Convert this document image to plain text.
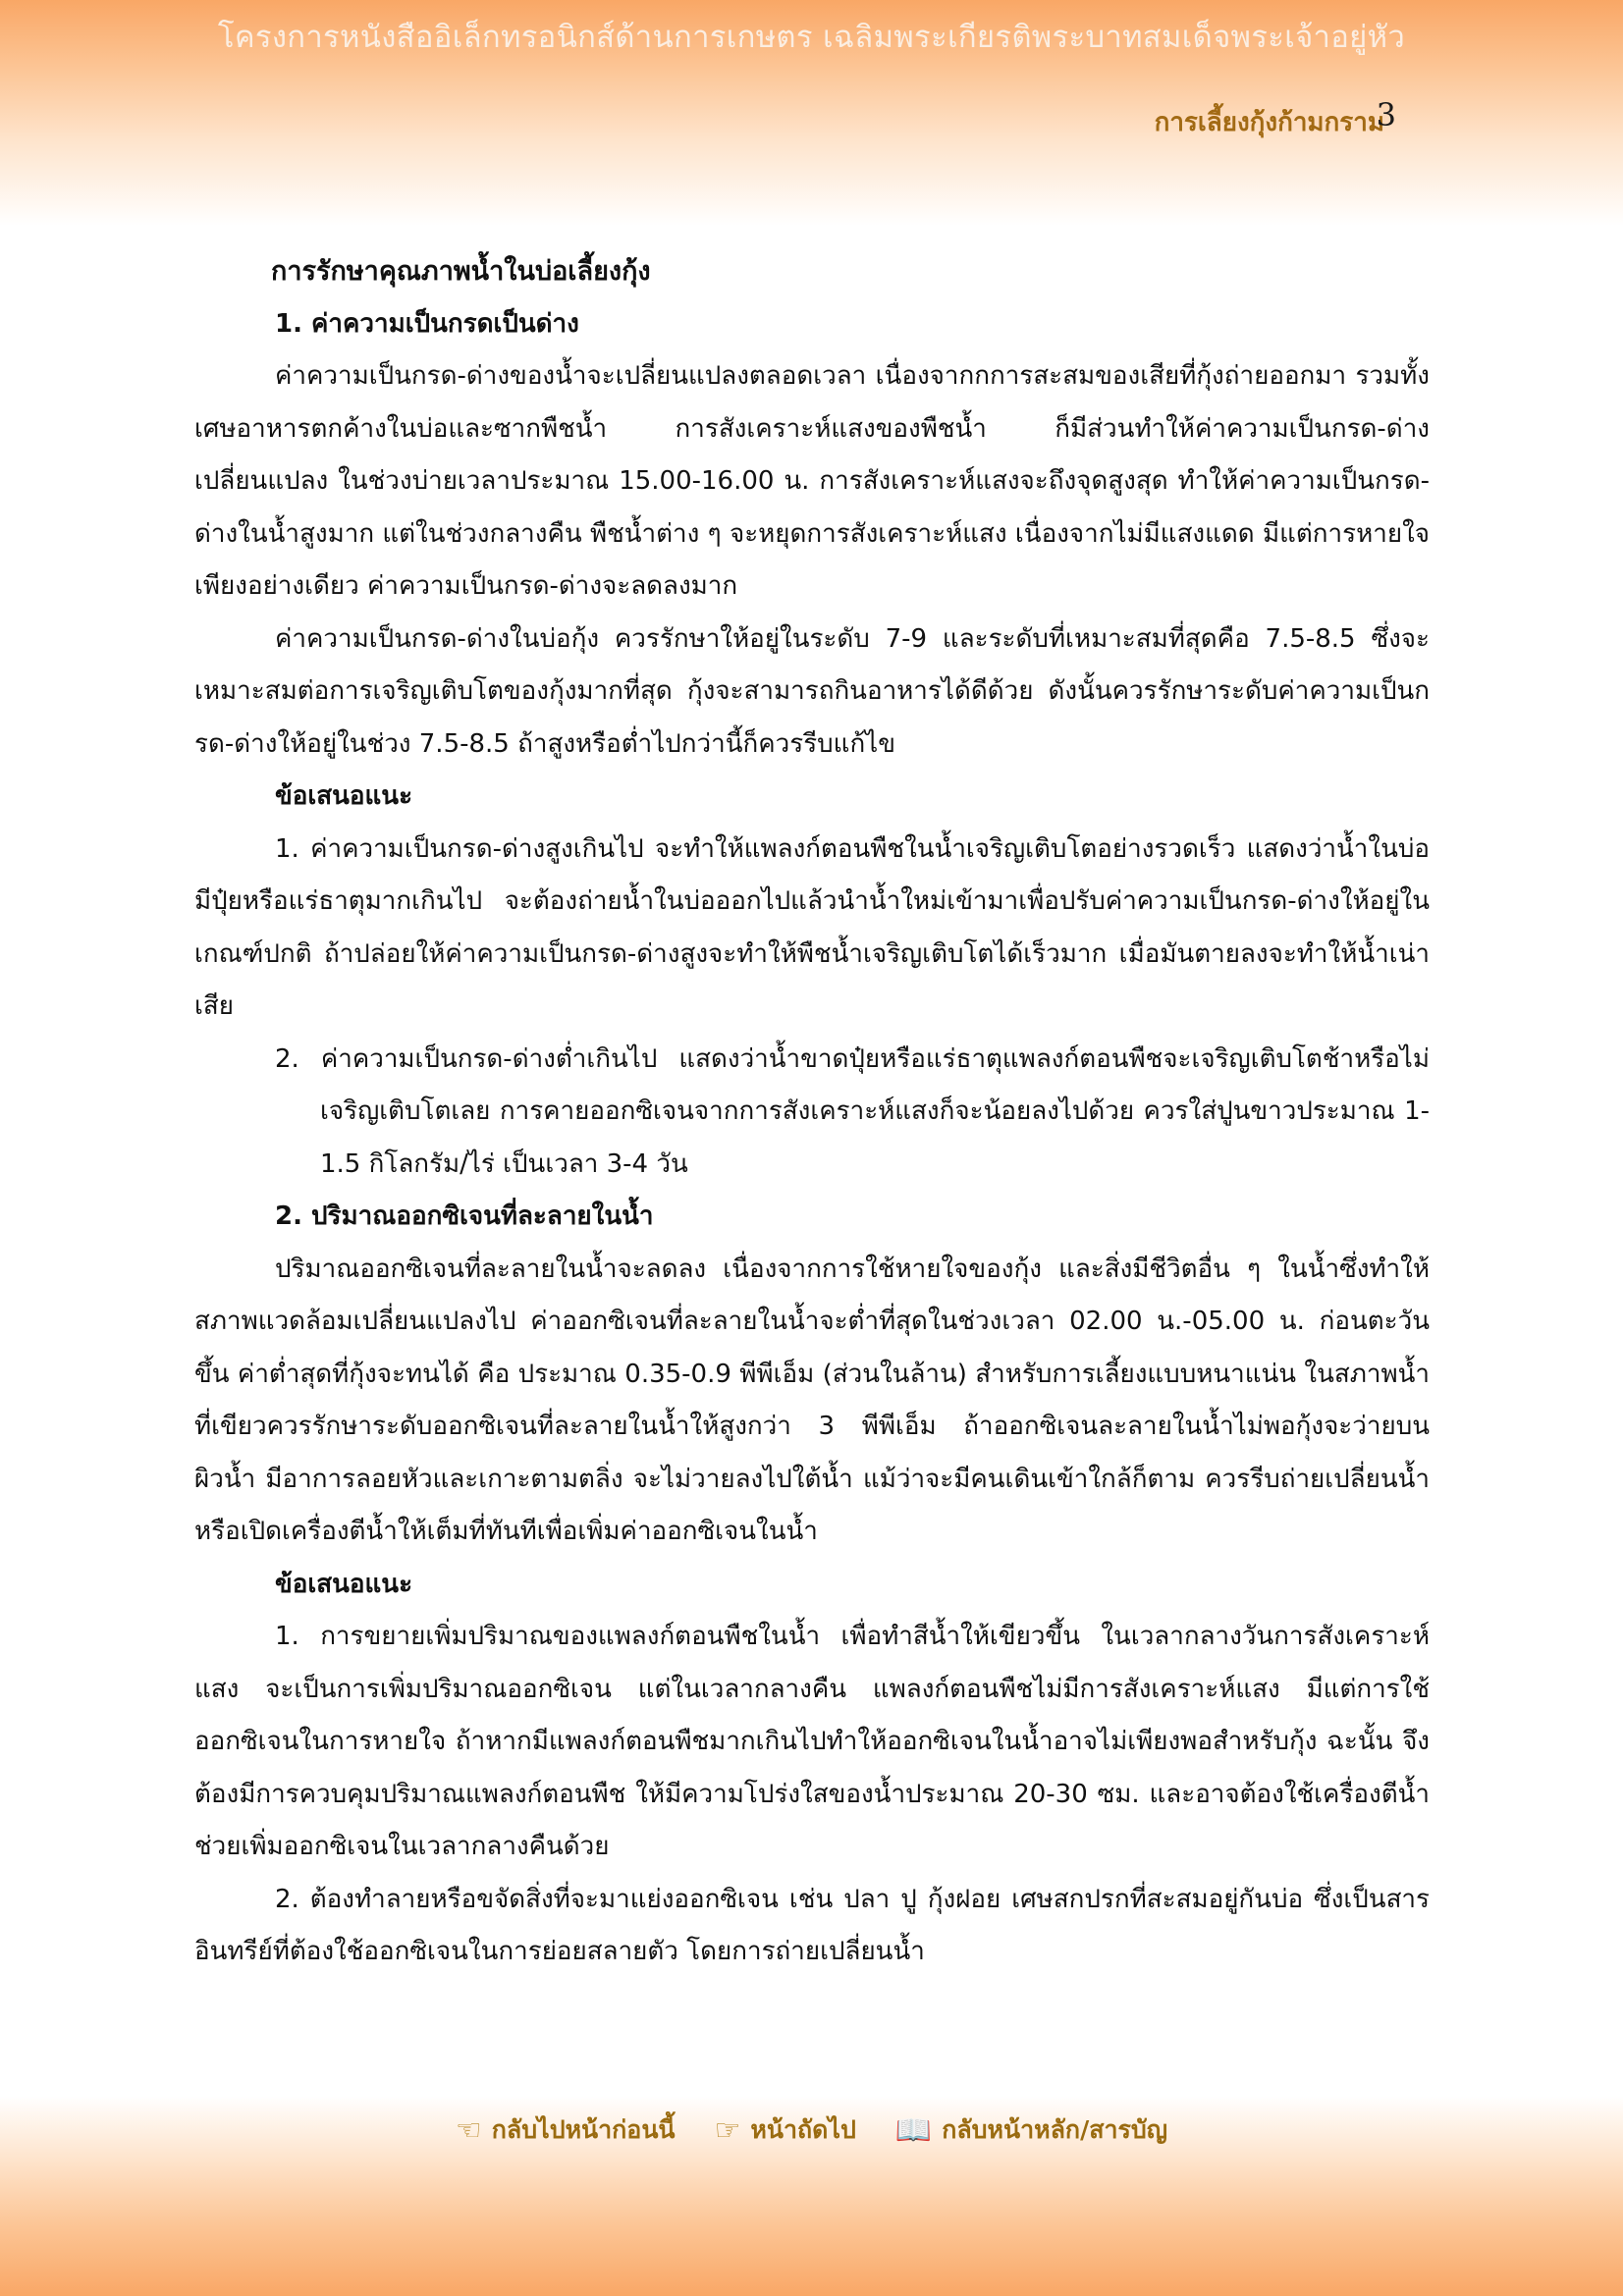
โครงการหนังสืออิเล็กทรอนิกส์ด้านการเกษตร เฉลิมพระเกียรติพระบาทสมเด็จพระเจ้าอยู่หัว
การเลี้ยงกุ้งก้ามกราม
3

การรักษาคุณภาพน้ำในบ่อเลี้ยงกุ้ง

1. ค่าความเป็นกรดเป็นด่าง

ค่าความเป็นกรด-ด่างของน้ำจะเปลี่ยนแปลงตลอดเวลา เนื่องจากกการสะสมของเสียที่กุ้งถ่ายออกมา รวมทั้งเศษอาหารตกค้างในบ่อและซากพืชน้ำ การสังเคราะห์แสงของพืชน้ำ ก็มีส่วนทำให้ค่าความเป็นกรด-ด่างเปลี่ยนแปลง ในช่วงบ่ายเวลาประมาณ 15.00-16.00 น. การสังเคราะห์แสงจะถึงจุดสูงสุด ทำให้ค่าความเป็นกรด-ด่างในน้ำสูงมาก แต่ในช่วงกลางคืน พืชน้ำต่าง ๆ จะหยุดการสังเคราะห์แสง เนื่องจากไม่มีแสงแดด มีแต่การหายใจเพียงอย่างเดียว ค่าความเป็นกรด-ด่างจะลดลงมาก

ค่าความเป็นกรด-ด่างในบ่อกุ้ง ควรรักษาให้อยู่ในระดับ 7-9 และระดับที่เหมาะสมที่สุดคือ 7.5-8.5 ซึ่งจะเหมาะสมต่อการเจริญเติบโตของกุ้งมากที่สุด กุ้งจะสามารถกินอาหารได้ดีด้วย ดังนั้นควรรักษาระดับค่าความเป็นกรด-ด่างให้อยู่ในช่วง 7.5-8.5 ถ้าสูงหรือต่ำไปกว่านี้ก็ควรรีบแก้ไข

ข้อเสนอแนะ

1. ค่าความเป็นกรด-ด่างสูงเกินไป จะทำให้แพลงก์ตอนพืชในน้ำเจริญเติบโตอย่างรวดเร็ว แสดงว่าน้ำในบ่อมีปุ๋ยหรือแร่ธาตุมากเกินไป จะต้องถ่ายน้ำในบ่อออกไปแล้วนำน้ำใหม่เข้ามาเพื่อปรับค่าความเป็นกรด-ด่างให้อยู่ในเกณฑ์ปกติ ถ้าปล่อยให้ค่าความเป็นกรด-ด่างสูงจะทำให้พืชน้ำเจริญเติบโตได้เร็วมาก เมื่อมันตายลงจะทำให้น้ำเน่าเสีย

2. ค่าความเป็นกรด-ด่างต่ำเกินไป แสดงว่าน้ำขาดปุ๋ยหรือแร่ธาตุแพลงก์ตอนพืชจะเจริญเติบโตช้าหรือไม่เจริญเติบโตเลย การคายออกซิเจนจากการสังเคราะห์แสงก็จะน้อยลงไปด้วย ควรใส่ปูนขาวประมาณ 1-1.5 กิโลกรัม/ไร่ เป็นเวลา 3-4 วัน

2. ปริมาณออกซิเจนที่ละลายในน้ำ

ปริมาณออกซิเจนที่ละลายในน้ำจะลดลง เนื่องจากการใช้หายใจของกุ้ง และสิ่งมีชีวิตอื่น ๆ ในน้ำซึ่งทำให้สภาพแวดล้อมเปลี่ยนแปลงไป ค่าออกซิเจนที่ละลายในน้ำจะต่ำที่สุดในช่วงเวลา 02.00 น.-05.00 น. ก่อนตะวันขึ้น ค่าต่ำสุดที่กุ้งจะทนได้ คือ ประมาณ 0.35-0.9 พีพีเอ็ม (ส่วนในล้าน) สำหรับการเลี้ยงแบบหนาแน่น ในสภาพน้ำที่เขียวควรรักษาระดับออกซิเจนที่ละลายในน้ำให้สูงกว่า 3 พีพีเอ็ม ถ้าออกซิเจนละลายในน้ำไม่พอกุ้งจะว่ายบนผิวน้ำ มีอาการลอยหัวและเกาะตามตลิ่ง จะไม่วายลงไปใต้น้ำ แม้ว่าจะมีคนเดินเข้าใกล้ก็ตาม ควรรีบถ่ายเปลี่ยนน้ำ หรือเปิดเครื่องตีน้ำให้เต็มที่ทันทีเพื่อเพิ่มค่าออกซิเจนในน้ำ

ข้อเสนอแนะ

1. การขยายเพิ่มปริมาณของแพลงก์ตอนพืชในน้ำ เพื่อทำสีน้ำให้เขียวขึ้น ในเวลากลางวันการสังเคราะห์แสง จะเป็นการเพิ่มปริมาณออกซิเจน แต่ในเวลากลางคืน แพลงก์ตอนพืชไม่มีการสังเคราะห์แสง มีแต่การใช้ออกซิเจนในการหายใจ ถ้าหากมีแพลงก์ตอนพืชมากเกินไปทำให้ออกซิเจนในน้ำอาจไม่เพียงพอสำหรับกุ้ง ฉะนั้น จึงต้องมีการควบคุมปริมาณแพลงก์ตอนพืช ให้มีความโปร่งใสของน้ำประมาณ 20-30 ซม. และอาจต้องใช้เครื่องตีน้ำช่วยเพิ่มออกซิเจนในเวลากลางคืนด้วย

2. ต้องทำลายหรือขจัดสิ่งที่จะมาแย่งออกซิเจน เช่น ปลา ปู กุ้งฝอย เศษสกปรกที่สะสมอยู่กันบ่อ ซึ่งเป็นสารอินทรีย์ที่ต้องใช้ออกซิเจนในการย่อยสลายตัว โดยการถ่ายเปลี่ยนน้ำ

☜ กลับไปหน้าก่อนนี้ ☞ หน้าถัดไป 📖 กลับหน้าหลัก/สารบัญ
